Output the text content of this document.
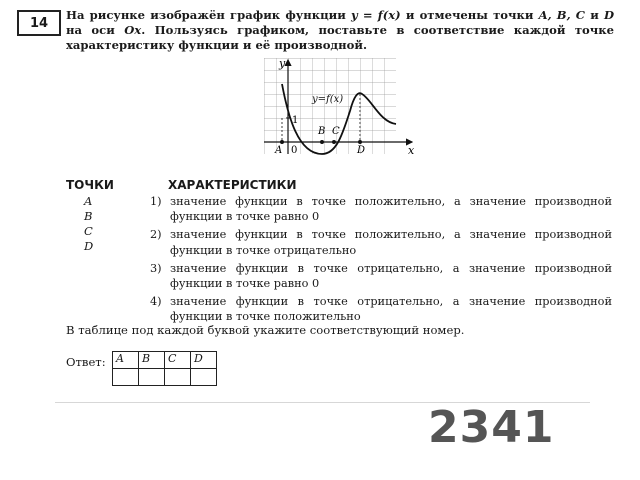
14
На рисунке изображён график функции y = f(x) и отмечены точки A, B, C и D на оси Ox. Пользуясь графиком, поставьте в соответствие каждой точке характеристику функции и её производной.
y
x
y=f(x)
1
0
A
B C
D
ТОЧКИ	ХАРАКТЕРИСТИКИ
A
B
C
D
1) значение функции в точке положительно, а значение производной функции в точке равно 0
2) значение функции в точке положительно, а значение производной функции в точке отрицательно
3) значение функции в точке отрицательно, а значение производной функции в точке равно 0
4) значение функции в точке отрицательно, а значение производной функции в точке положительно
В таблице под каждой буквой укажите соответствующий номер.
Ответ: A	B	C	D

2341
